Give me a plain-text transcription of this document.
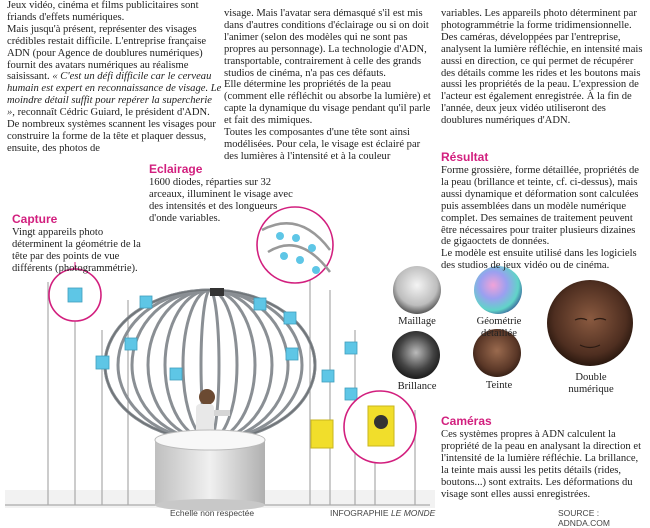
Jeux vidéo, cinéma et films publicitaires sont friands d'effets numériques.

Mais jusqu'à présent, représenter des visages crédibles restait difficile. L'entreprise française ADN (pour Agence de doublures numériques) fournit des avatars numériques au réalisme saisissant. « C'est un défi difficile car le cerveau humain est expert en reconnaissance de visage. Le moindre détail suffit pour repérer la supercherie », reconnaît Cédric Guiard, le président d'ADN. De nombreux systèmes scannent les visages pour construire la forme de la tête et plaquer dessus, ensuite, des photos de

visage. Mais l'avatar sera démasqué s'il est mis dans d'autres conditions d'éclairage ou si on doit l'animer (selon des modèles qui ne sont pas propres au personnage). La technologie d'ADN, transportable, contrairement à celle des grands studios de cinéma, n'a pas ces défauts.

Elle détermine les propriétés de la peau (comment elle réfléchit ou absorbe la lumière) et capte la dynamique du visage pendant qu'il parle et fait des mimiques.

Toutes les composantes d'une tête sont ainsi modélisées. Pour cela, le visage est éclairé par des lumières à l'intensité et à la couleur

variables. Les appareils photo déterminent par photogrammétrie la forme tridimensionnelle. Des caméras, développées par l'entreprise, analysent la lumière réfléchie, en intensité mais aussi en direction, ce qui permet de récupérer des détails comme les rides et les boutons mais aussi les propriétés de la peau. L'expression de l'acteur est également enregistrée. À la fin de l'année, deux jeux vidéo utiliseront des doublures numériques d'ADN.

Capture

Vingt appareils photo déterminent la géométrie de la tête par des points de vue différents (photogrammétrie).

Eclairage

1600 diodes, réparties sur 32 arceaux, illuminent le visage avec des intensités et des longueurs d'onde variables.

Résultat

Forme grossière, forme détaillée, propriétés de la peau (brillance et teinte, cf. ci-dessus), mais aussi dynamique et déformation sont calculées puis assemblées dans un modèle numérique complet. Des semaines de traitement peuvent être nécessaires pour traiter plusieurs dizaines de gigaoctets de données.

Le modèle est ensuite utilisé dans les logiciels des studios de jeux vidéo ou de cinéma.

Maillage	Géométrie détaillée
Brillance	Teinte
Double numérique
Caméras

Ces systèmes propres à ADN calculent la propriété de la peau en analysant la direction et l'intensité de la lumière réfléchie. La brillance, la teinte mais aussi les petits détails (rides, boutons...) sont extraits. Les déformations du visage sont elles aussi enregistrées.

Echelle non respectée	INFOGRAPHIE LE MONDE	SOURCE : ADNDA.COM
